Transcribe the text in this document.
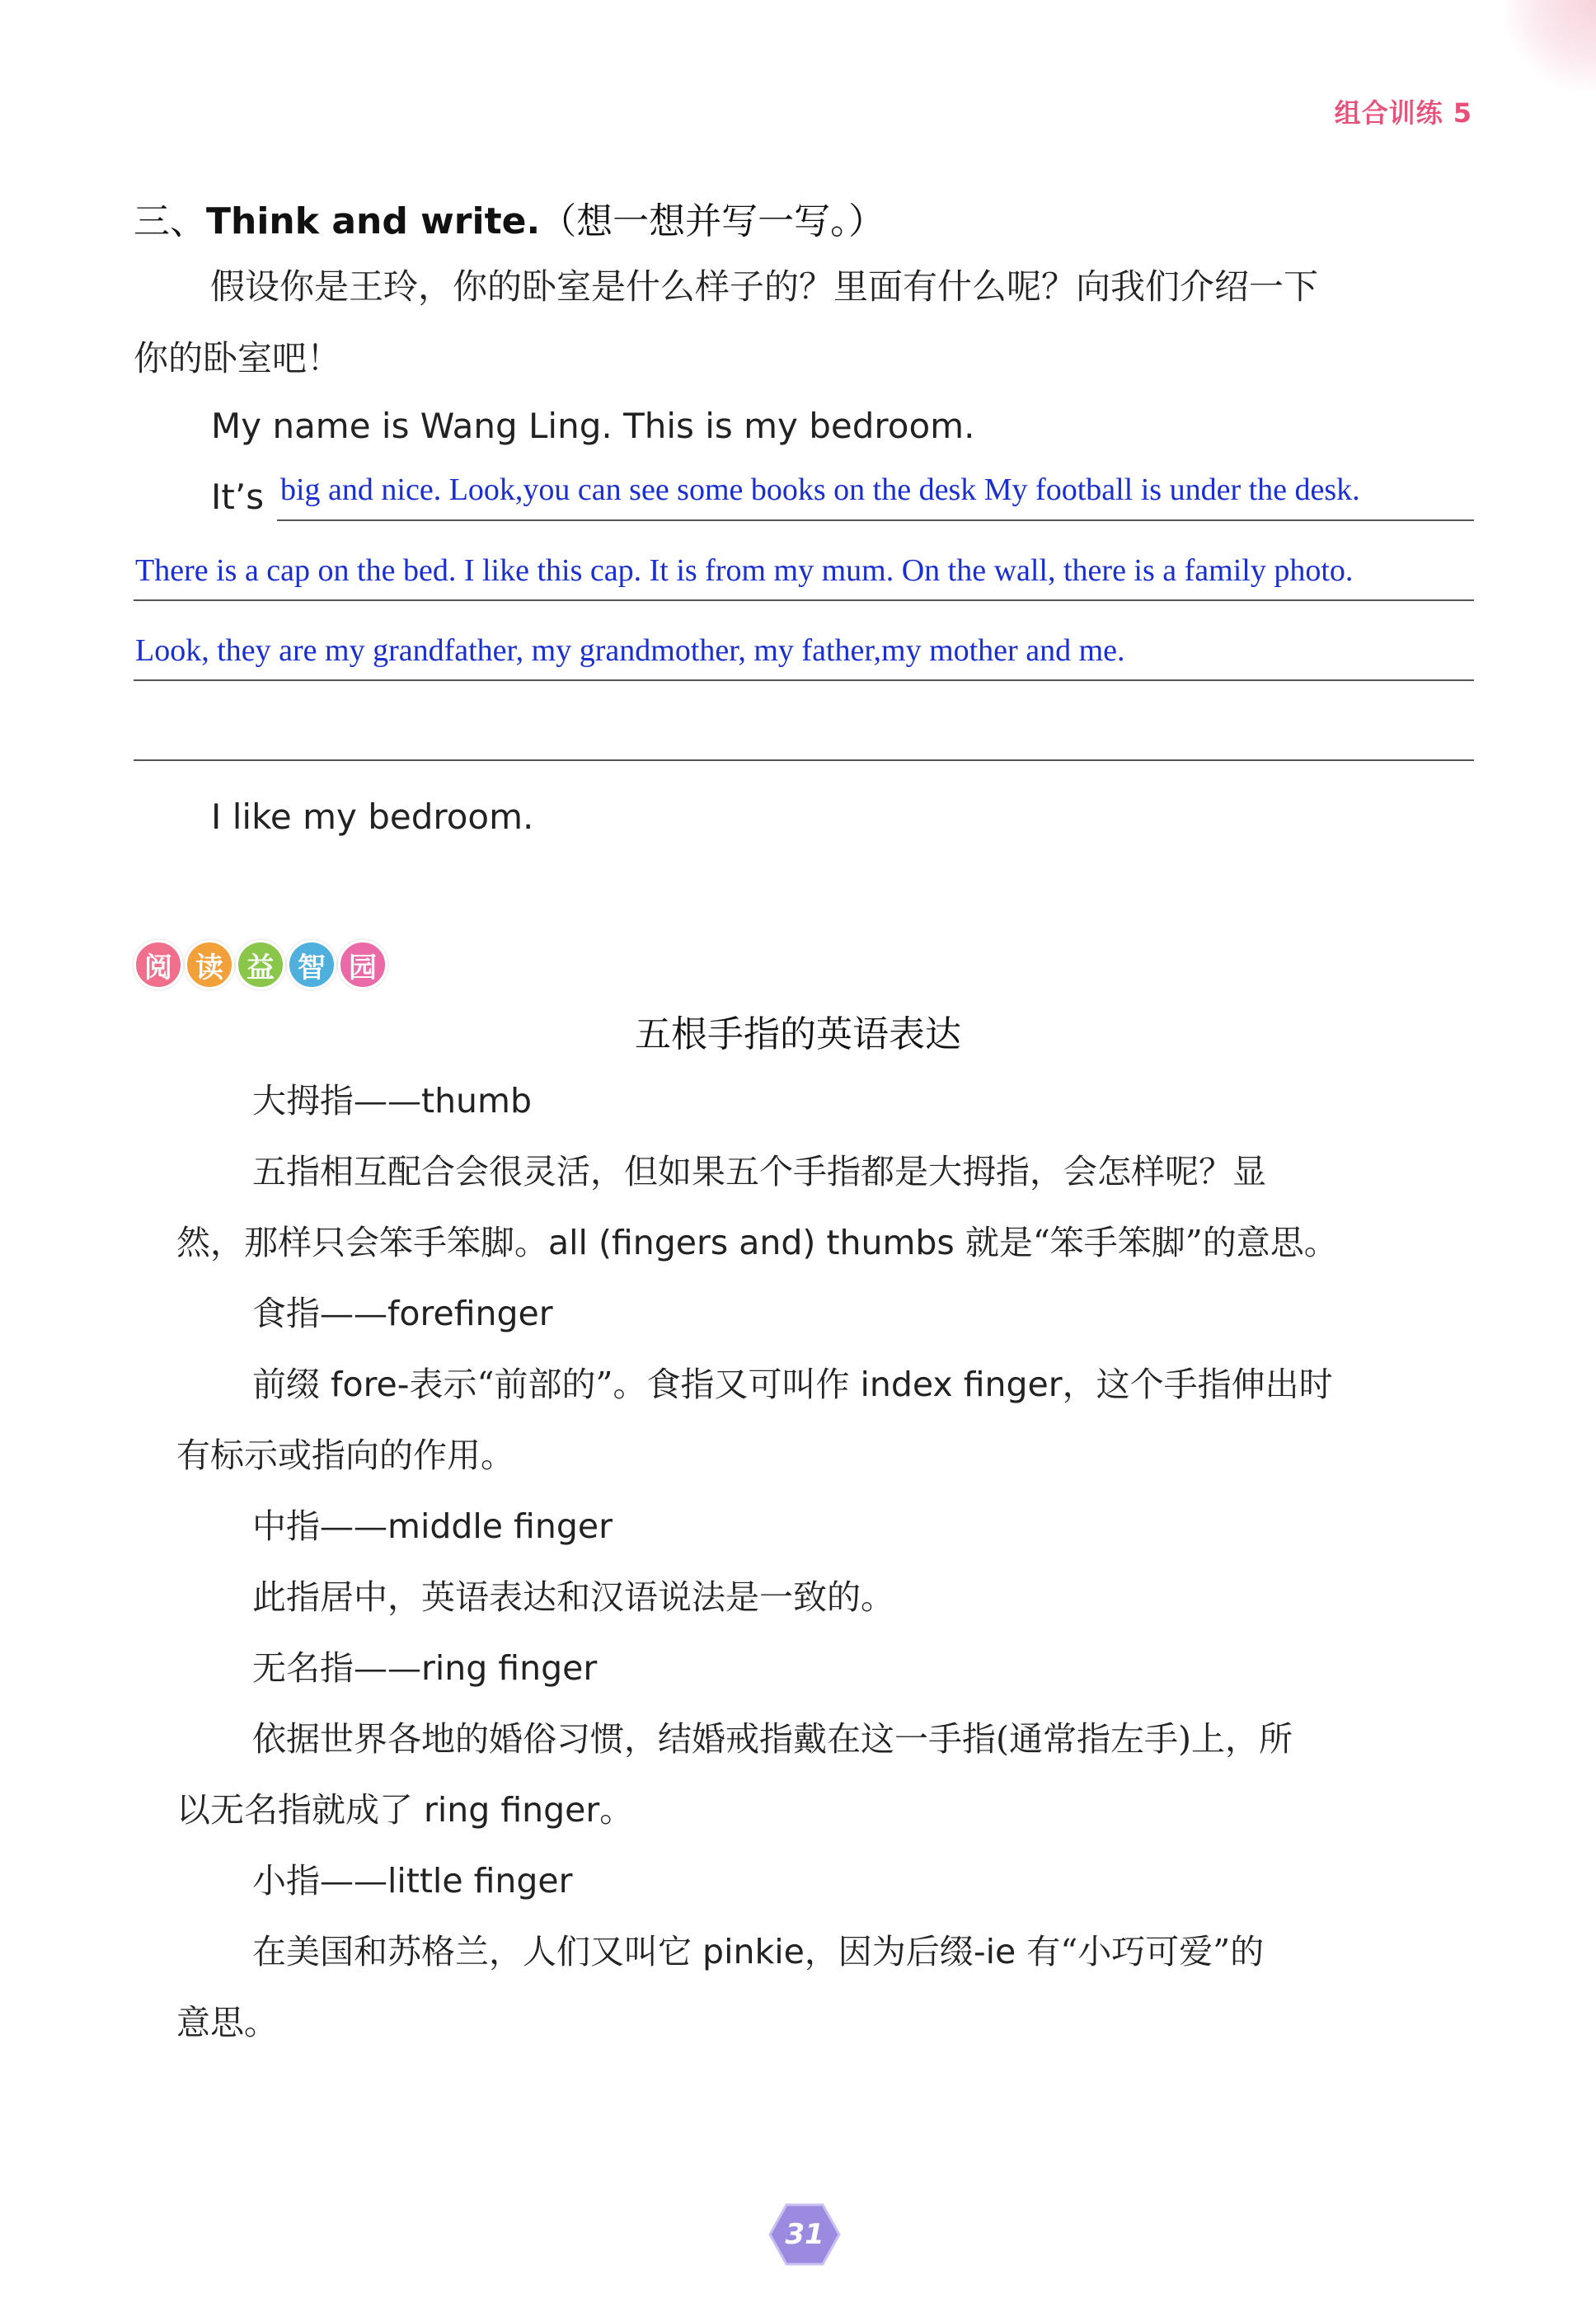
组合训练 5
三、Think and write.（想一想并写一写。）
假设你是王玲，你的卧室是什么样子的？里面有什么呢？向我们介绍一下
你的卧室吧！
My name is Wang Ling. This is my bedroom.
It’s big and nice. Look,you can see some books on the desk My football is under the desk.
There is a cap on the bed. I like this cap. It is from my mum. On the wall, there is a family photo.
Look, they are my grandfather, my grandmother, my father,my mother and me.
I like my bedroom.
阅 读 益 智 园
五根手指的英语表达
大拇指——thumb
五指相互配合会很灵活，但如果五个手指都是大拇指，会怎样呢？显
然，那样只会笨手笨脚。all (fingers and) thumbs 就是“笨手笨脚”的意思。
食指——forefinger
前缀 fore-表示“前部的”。食指又可叫作 index finger，这个手指伸出时
有标示或指向的作用。
中指——middle finger
此指居中，英语表达和汉语说法是一致的。
无名指——ring finger
依据世界各地的婚俗习惯，结婚戒指戴在这一手指(通常指左手)上，所
以无名指就成了 ring finger。
小指——little finger
在美国和苏格兰，人们又叫它 pinkie，因为后缀-ie 有“小巧可爱”的
意思。
31
